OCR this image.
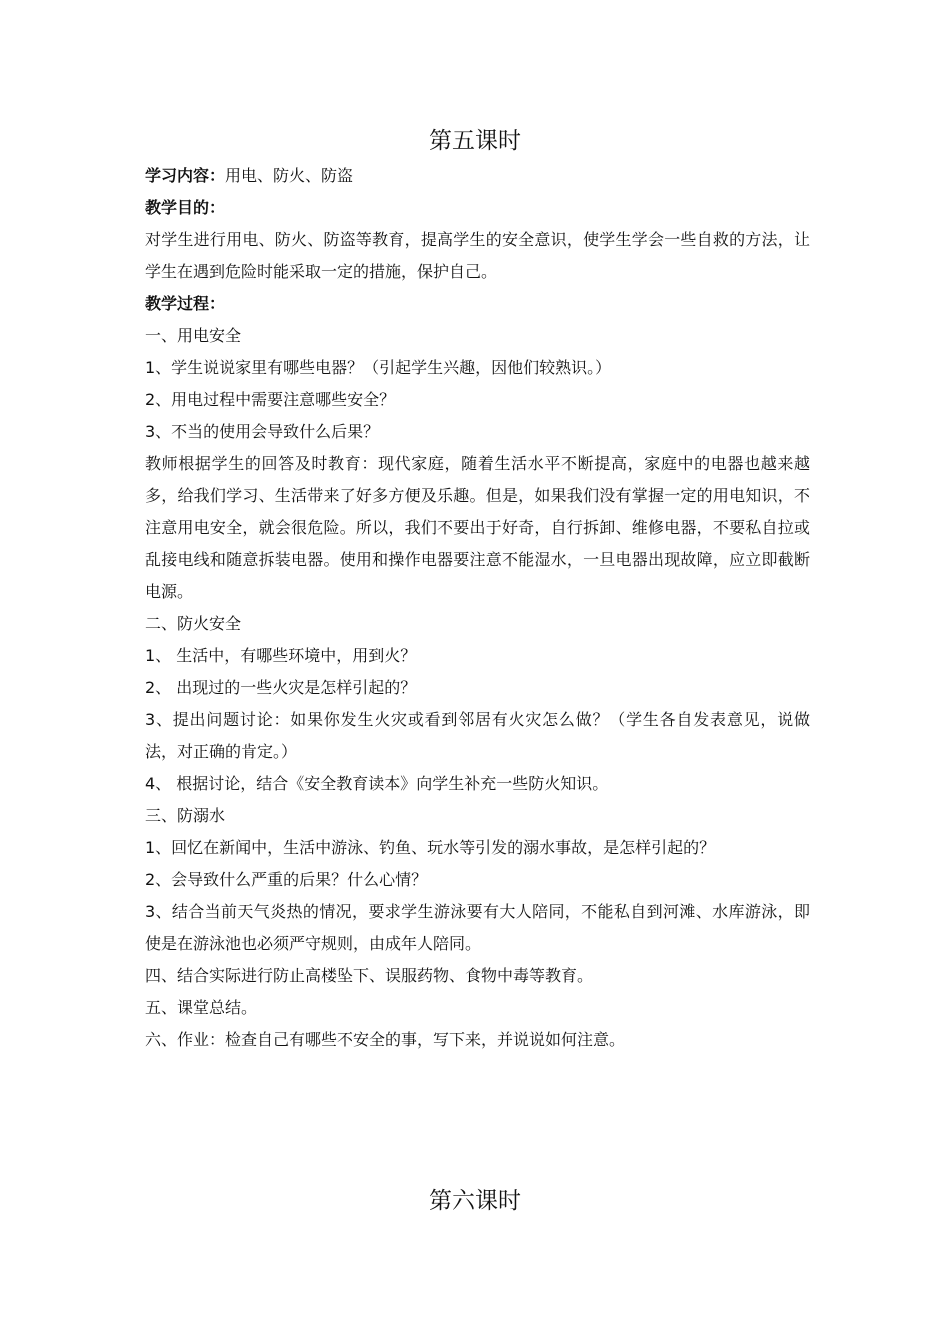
第五课时

学习内容：用电、防火、防盗

教学目的：

对学生进行用电、防火、防盗等教育，提高学生的安全意识，使学生学会一些自救的方法，让学生在遇到危险时能采取一定的措施，保护自己。

教学过程：

一、用电安全

1、学生说说家里有哪些电器？（引起学生兴趣，因他们较熟识。）

2、用电过程中需要注意哪些安全？

3、不当的使用会导致什么后果？

教师根据学生的回答及时教育：现代家庭，随着生活水平不断提高，家庭中的电器也越来越多，给我们学习、生活带来了好多方便及乐趣。但是，如果我们没有掌握一定的用电知识，不注意用电安全，就会很危险。所以，我们不要出于好奇，自行拆卸、维修电器，不要私自拉或乱接电线和随意拆装电器。使用和操作电器要注意不能湿水，一旦电器出现故障，应立即截断电源。

二、防火安全

1、 生活中，有哪些环境中，用到火？

2、 出现过的一些火灾是怎样引起的？

3、提出问题讨论：如果你发生火灾或看到邻居有火灾怎么做？（学生各自发表意见，说做法，对正确的肯定。）

4、 根据讨论，结合《安全教育读本》向学生补充一些防火知识。

三、防溺水

1、回忆在新闻中，生活中游泳、钓鱼、玩水等引发的溺水事故，是怎样引起的？

2、会导致什么严重的后果？什么心情？

3、结合当前天气炎热的情况，要求学生游泳要有大人陪同，不能私自到河滩、水库游泳，即使是在游泳池也必须严守规则，由成年人陪同。

四、结合实际进行防止高楼坠下、误服药物、食物中毒等教育。

五、课堂总结。

六、作业：检查自己有哪些不安全的事，写下来，并说说如何注意。

第六课时
